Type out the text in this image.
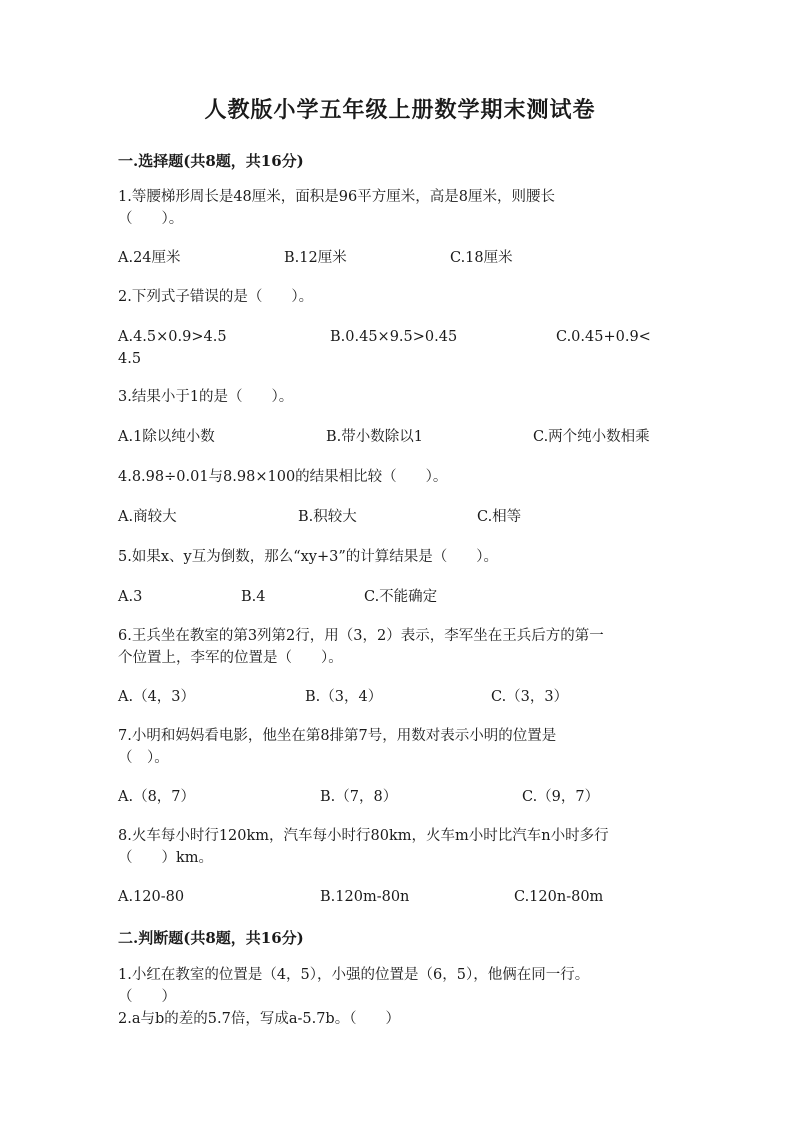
人教版小学五年级上册数学期末测试卷
一.选择题(共8题，共16分)
1.等腰梯形周长是48厘米，面积是96平方厘米，高是8厘米，则腰长
（　　）。
A.24厘米	B.12厘米	C.18厘米
2.下列式子错误的是（　　）。
A.4.5×0.9>4.5	B.0.45×9.5>0.45	C.0.45+0.9<
4.5
3.结果小于1的是（　　）。
A.1除以纯小数	B.带小数除以1	C.两个纯小数相乘
4.8.98÷0.01与8.98×100的结果相比较（　　）。
A.商较大	B.积较大	C.相等
5.如果x、y互为倒数，那么“xy+3”的计算结果是（　　）。
A.3	B.4	C.不能确定
6.王兵坐在教室的第3列第2行，用（3，2）表示，李军坐在王兵后方的第一
个位置上，李军的位置是（　　）。
A.（4，3）	B.（3，4）	C.（3，3）
7.小明和妈妈看电影，他坐在第8排第7号，用数对表示小明的位置是
（　）。
A.（8，7）	B.（7，8）	C.（9，7）
8.火车每小时行120km，汽车每小时行80km，火车m小时比汽车n小时多行
（　　）km。
A.120-80	B.120m-80n	C.120n-80m
二.判断题(共8题，共16分)
1.小红在教室的位置是（4，5），小强的位置是（6，5），他俩在同一行。
（　　）
2.a与b的差的5.7倍，写成a-5.7b。（　　）
